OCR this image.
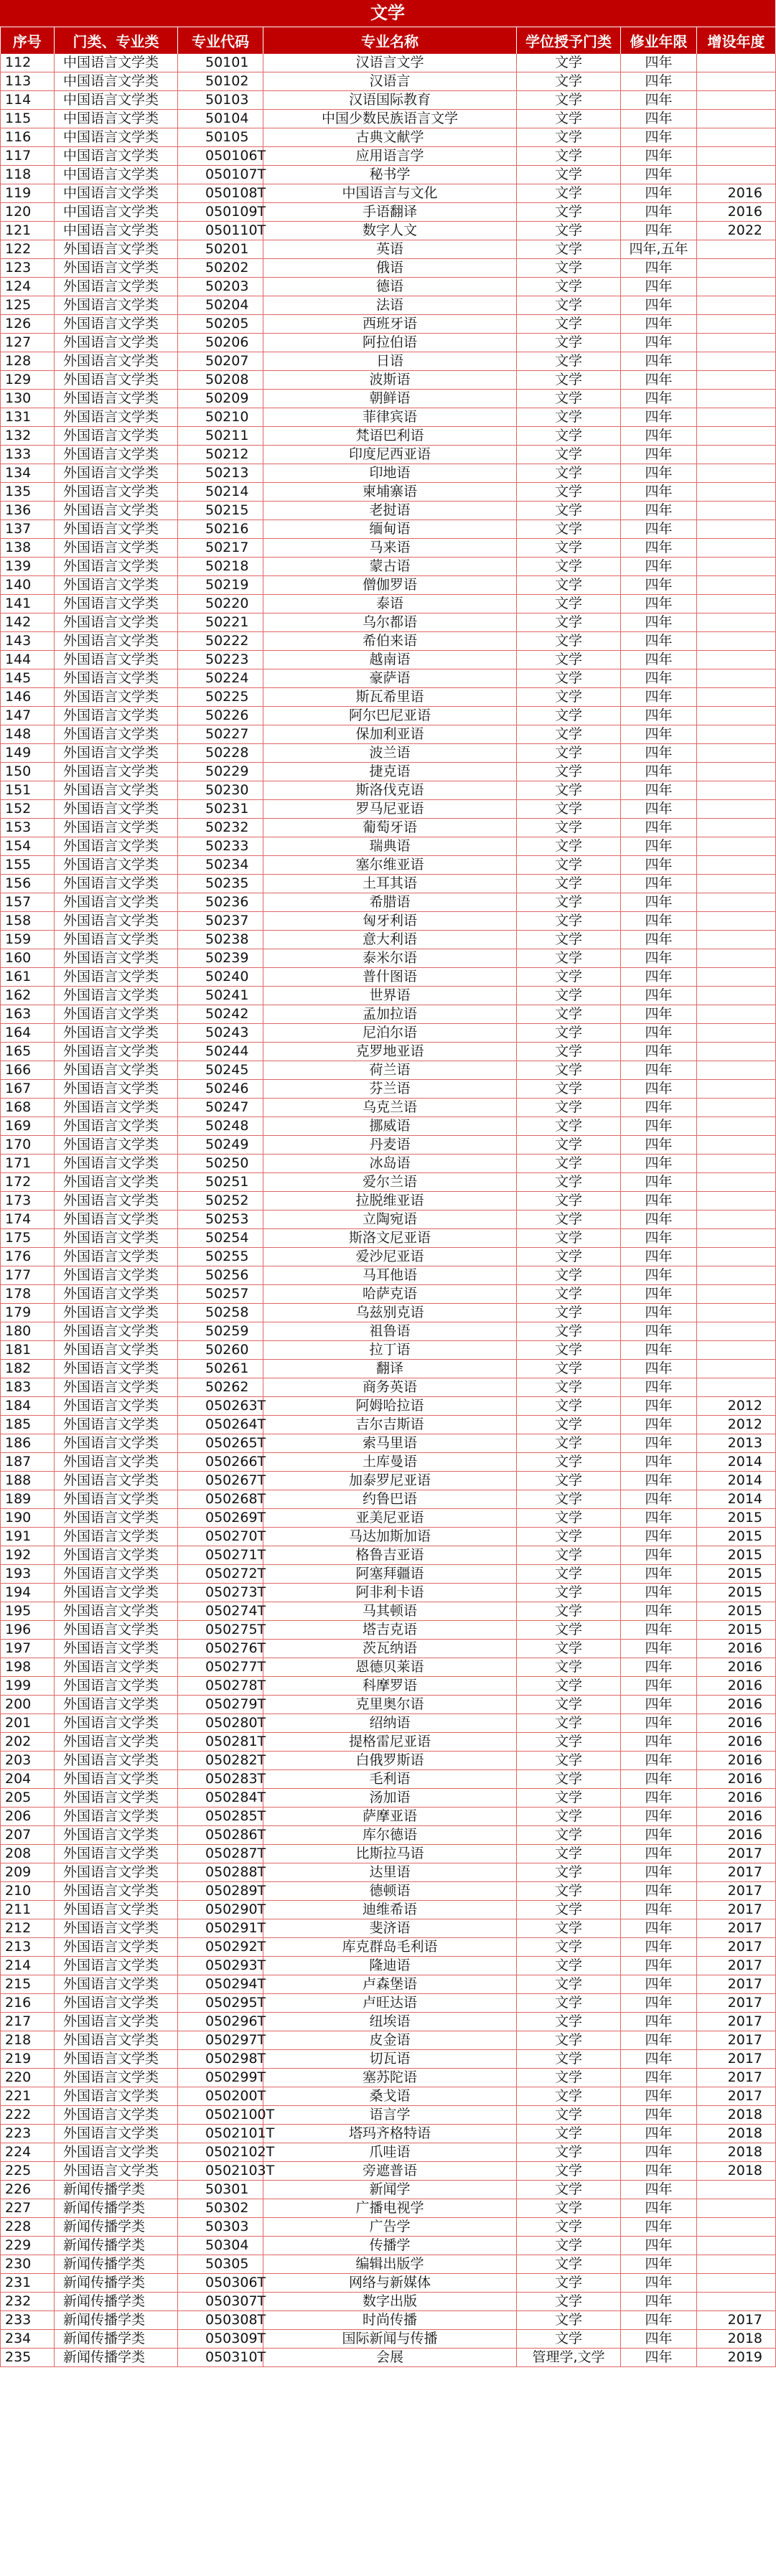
文学
序号	门类、专业类	专业代码	专业名称	学位授予门类	修业年限	增设年度
112	中国语言文学类	50101	汉语言文学	文学	四年	
113	中国语言文学类	50102	汉语言	文学	四年	
114	中国语言文学类	50103	汉语国际教育	文学	四年	
115	中国语言文学类	50104	中国少数民族语言文学	文学	四年	
116	中国语言文学类	50105	古典文献学	文学	四年	
117	中国语言文学类	050106T	应用语言学	文学	四年	
118	中国语言文学类	050107T	秘书学	文学	四年	
119	中国语言文学类	050108T	中国语言与文化	文学	四年	2016
120	中国语言文学类	050109T	手语翻译	文学	四年	2016
121	中国语言文学类	050110T	数字人文	文学	四年	2022
122	外国语言文学类	50201	英语	文学	四年,五年	
123	外国语言文学类	50202	俄语	文学	四年	
124	外国语言文学类	50203	德语	文学	四年	
125	外国语言文学类	50204	法语	文学	四年	
126	外国语言文学类	50205	西班牙语	文学	四年	
127	外国语言文学类	50206	阿拉伯语	文学	四年	
128	外国语言文学类	50207	日语	文学	四年	
129	外国语言文学类	50208	波斯语	文学	四年	
130	外国语言文学类	50209	朝鲜语	文学	四年	
131	外国语言文学类	50210	菲律宾语	文学	四年	
132	外国语言文学类	50211	梵语巴利语	文学	四年	
133	外国语言文学类	50212	印度尼西亚语	文学	四年	
134	外国语言文学类	50213	印地语	文学	四年	
135	外国语言文学类	50214	柬埔寨语	文学	四年	
136	外国语言文学类	50215	老挝语	文学	四年	
137	外国语言文学类	50216	缅甸语	文学	四年	
138	外国语言文学类	50217	马来语	文学	四年	
139	外国语言文学类	50218	蒙古语	文学	四年	
140	外国语言文学类	50219	僧伽罗语	文学	四年	
141	外国语言文学类	50220	泰语	文学	四年	
142	外国语言文学类	50221	乌尔都语	文学	四年	
143	外国语言文学类	50222	希伯来语	文学	四年	
144	外国语言文学类	50223	越南语	文学	四年	
145	外国语言文学类	50224	豪萨语	文学	四年	
146	外国语言文学类	50225	斯瓦希里语	文学	四年	
147	外国语言文学类	50226	阿尔巴尼亚语	文学	四年	
148	外国语言文学类	50227	保加利亚语	文学	四年	
149	外国语言文学类	50228	波兰语	文学	四年	
150	外国语言文学类	50229	捷克语	文学	四年	
151	外国语言文学类	50230	斯洛伐克语	文学	四年	
152	外国语言文学类	50231	罗马尼亚语	文学	四年	
153	外国语言文学类	50232	葡萄牙语	文学	四年	
154	外国语言文学类	50233	瑞典语	文学	四年	
155	外国语言文学类	50234	塞尔维亚语	文学	四年	
156	外国语言文学类	50235	土耳其语	文学	四年	
157	外国语言文学类	50236	希腊语	文学	四年	
158	外国语言文学类	50237	匈牙利语	文学	四年	
159	外国语言文学类	50238	意大利语	文学	四年	
160	外国语言文学类	50239	泰米尔语	文学	四年	
161	外国语言文学类	50240	普什图语	文学	四年	
162	外国语言文学类	50241	世界语	文学	四年	
163	外国语言文学类	50242	孟加拉语	文学	四年	
164	外国语言文学类	50243	尼泊尔语	文学	四年	
165	外国语言文学类	50244	克罗地亚语	文学	四年	
166	外国语言文学类	50245	荷兰语	文学	四年	
167	外国语言文学类	50246	芬兰语	文学	四年	
168	外国语言文学类	50247	乌克兰语	文学	四年	
169	外国语言文学类	50248	挪威语	文学	四年	
170	外国语言文学类	50249	丹麦语	文学	四年	
171	外国语言文学类	50250	冰岛语	文学	四年	
172	外国语言文学类	50251	爱尔兰语	文学	四年	
173	外国语言文学类	50252	拉脱维亚语	文学	四年	
174	外国语言文学类	50253	立陶宛语	文学	四年	
175	外国语言文学类	50254	斯洛文尼亚语	文学	四年	
176	外国语言文学类	50255	爱沙尼亚语	文学	四年	
177	外国语言文学类	50256	马耳他语	文学	四年	
178	外国语言文学类	50257	哈萨克语	文学	四年	
179	外国语言文学类	50258	乌兹别克语	文学	四年	
180	外国语言文学类	50259	祖鲁语	文学	四年	
181	外国语言文学类	50260	拉丁语	文学	四年	
182	外国语言文学类	50261	翻译	文学	四年	
183	外国语言文学类	50262	商务英语	文学	四年	
184	外国语言文学类	050263T	阿姆哈拉语	文学	四年	2012
185	外国语言文学类	050264T	吉尔吉斯语	文学	四年	2012
186	外国语言文学类	050265T	索马里语	文学	四年	2013
187	外国语言文学类	050266T	土库曼语	文学	四年	2014
188	外国语言文学类	050267T	加泰罗尼亚语	文学	四年	2014
189	外国语言文学类	050268T	约鲁巴语	文学	四年	2014
190	外国语言文学类	050269T	亚美尼亚语	文学	四年	2015
191	外国语言文学类	050270T	马达加斯加语	文学	四年	2015
192	外国语言文学类	050271T	格鲁吉亚语	文学	四年	2015
193	外国语言文学类	050272T	阿塞拜疆语	文学	四年	2015
194	外国语言文学类	050273T	阿非利卡语	文学	四年	2015
195	外国语言文学类	050274T	马其顿语	文学	四年	2015
196	外国语言文学类	050275T	塔吉克语	文学	四年	2015
197	外国语言文学类	050276T	茨瓦纳语	文学	四年	2016
198	外国语言文学类	050277T	恩德贝莱语	文学	四年	2016
199	外国语言文学类	050278T	科摩罗语	文学	四年	2016
200	外国语言文学类	050279T	克里奥尔语	文学	四年	2016
201	外国语言文学类	050280T	绍纳语	文学	四年	2016
202	外国语言文学类	050281T	提格雷尼亚语	文学	四年	2016
203	外国语言文学类	050282T	白俄罗斯语	文学	四年	2016
204	外国语言文学类	050283T	毛利语	文学	四年	2016
205	外国语言文学类	050284T	汤加语	文学	四年	2016
206	外国语言文学类	050285T	萨摩亚语	文学	四年	2016
207	外国语言文学类	050286T	库尔德语	文学	四年	2016
208	外国语言文学类	050287T	比斯拉马语	文学	四年	2017
209	外国语言文学类	050288T	达里语	文学	四年	2017
210	外国语言文学类	050289T	德顿语	文学	四年	2017
211	外国语言文学类	050290T	迪维希语	文学	四年	2017
212	外国语言文学类	050291T	斐济语	文学	四年	2017
213	外国语言文学类	050292T	库克群岛毛利语	文学	四年	2017
214	外国语言文学类	050293T	隆迪语	文学	四年	2017
215	外国语言文学类	050294T	卢森堡语	文学	四年	2017
216	外国语言文学类	050295T	卢旺达语	文学	四年	2017
217	外国语言文学类	050296T	纽埃语	文学	四年	2017
218	外国语言文学类	050297T	皮金语	文学	四年	2017
219	外国语言文学类	050298T	切瓦语	文学	四年	2017
220	外国语言文学类	050299T	塞苏陀语	文学	四年	2017
221	外国语言文学类	050200T	桑戈语	文学	四年	2017
222	外国语言文学类	0502100T	语言学	文学	四年	2018
223	外国语言文学类	0502101T	塔玛齐格特语	文学	四年	2018
224	外国语言文学类	0502102T	爪哇语	文学	四年	2018
225	外国语言文学类	0502103T	旁遮普语	文学	四年	2018
226	新闻传播学类	50301	新闻学	文学	四年	
227	新闻传播学类	50302	广播电视学	文学	四年	
228	新闻传播学类	50303	广告学	文学	四年	
229	新闻传播学类	50304	传播学	文学	四年	
230	新闻传播学类	50305	编辑出版学	文学	四年	
231	新闻传播学类	050306T	网络与新媒体	文学	四年	
232	新闻传播学类	050307T	数字出版	文学	四年	
233	新闻传播学类	050308T	时尚传播	文学	四年	2017
234	新闻传播学类	050309T	国际新闻与传播	文学	四年	2018
235	新闻传播学类	050310T	会展	管理学,文学	四年	2019
